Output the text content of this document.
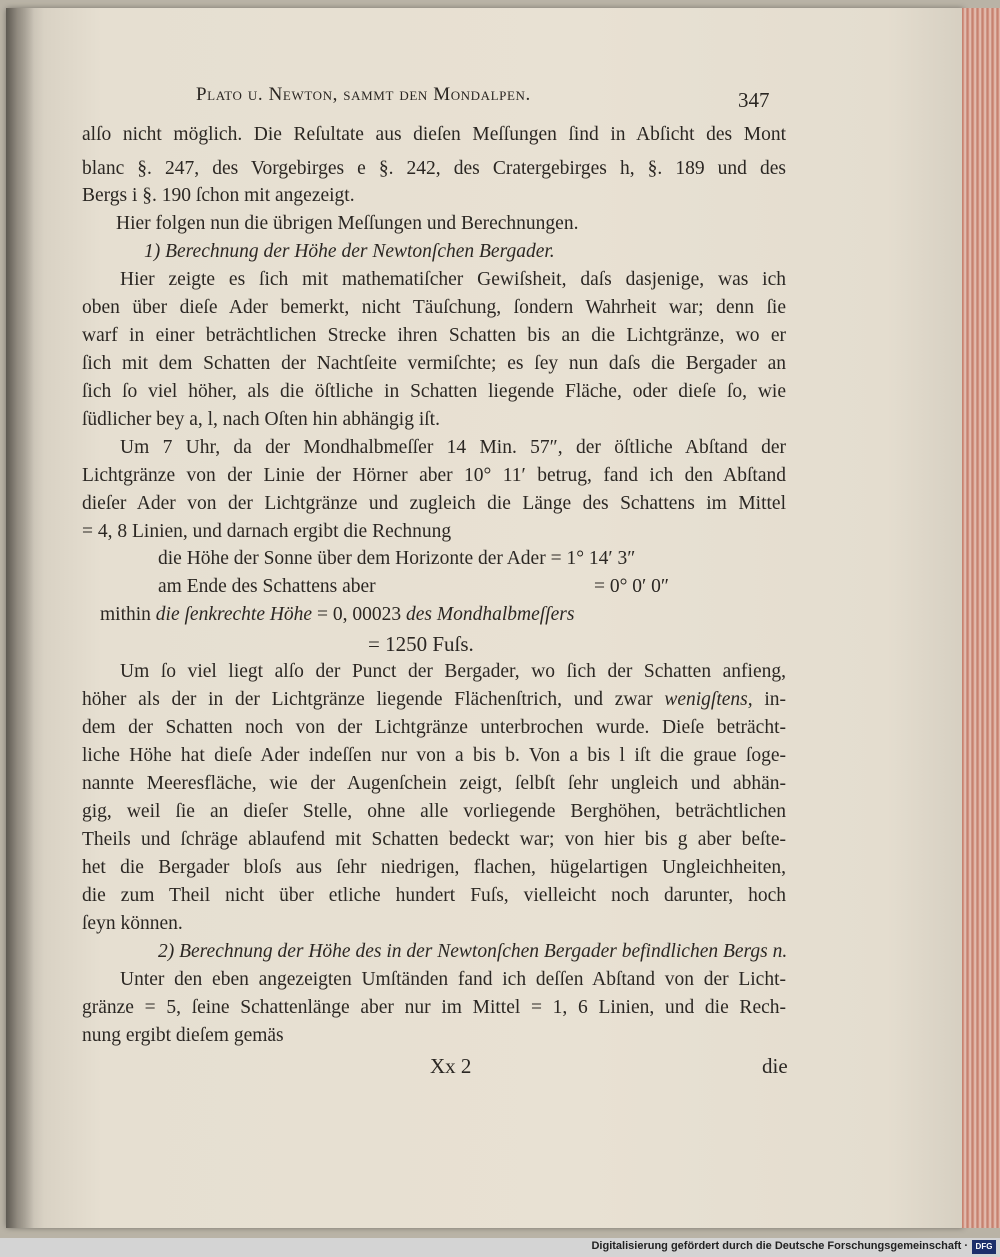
Plato u. Newton, sammt den Mondalpen.	347
alſo nicht möglich. Die Reſultate aus dieſen Meſſungen ſind in Abſicht des Mont
blanc §. 247, des Vorgebirges e §. 242, des Cratergebirges h, §. 189 und des
Bergs i §. 190 ſchon mit angezeigt.
Hier folgen nun die übrigen Meſſungen und Berechnungen.
1) Berechnung der Höhe der Newtonſchen Bergader.
Hier zeigte es ſich mit mathematiſcher Gewiſsheit, daſs dasjenige, was ich
oben über dieſe Ader bemerkt, nicht Täuſchung, ſondern Wahrheit war; denn ſie
warf in einer beträchtlichen Strecke ihren Schatten bis an die Lichtgränze, wo er
ſich mit dem Schatten der Nachtſeite vermiſchte; es ſey nun daſs die Bergader an
ſich ſo viel höher, als die öſtliche in Schatten liegende Fläche, oder dieſe ſo, wie
ſüdlicher bey a, l, nach Oſten hin abhängig iſt.
Um 7 Uhr, da der Mondhalbmeſſer 14 Min. 57″, der öſtliche Abſtand der
Lichtgränze von der Linie der Hörner aber 10° 11′ betrug, fand ich den Abſtand
dieſer Ader von der Lichtgränze und zugleich die Länge des Schattens im Mittel
= 4, 8 Linien, und darnach ergibt die Rechnung
die Höhe der Sonne über dem Horizonte der Ader = 1° 14′ 3″
am Ende des Schattens aber	= 0° 0′ 0″
mithin die ſenkrechte Höhe = 0, 00023 des Mondhalbmeſſers
= 1250 Fuſs.
Um ſo viel liegt alſo der Punct der Bergader, wo ſich der Schatten anfieng,
höher als der in der Lichtgränze liegende Flächenſtrich, und zwar wenigſtens, in-
dem der Schatten noch von der Lichtgränze unterbrochen wurde. Dieſe beträcht-
liche Höhe hat dieſe Ader indeſſen nur von a bis b. Von a bis l iſt die graue ſoge-
nannte Meeresfläche, wie der Augenſchein zeigt, ſelbſt ſehr ungleich und abhän-
gig, weil ſie an dieſer Stelle, ohne alle vorliegende Berghöhen, beträchtlichen
Theils und ſchräge ablaufend mit Schatten bedeckt war; von hier bis g aber beſte-
het die Bergader bloſs aus ſehr niedrigen, flachen, hügelartigen Ungleichheiten,
die zum Theil nicht über etliche hundert Fuſs, vielleicht noch darunter, hoch
ſeyn können.
2) Berechnung der Höhe des in der Newtonſchen Bergader befindlichen Bergs n.
Unter den eben angezeigten Umſtänden fand ich deſſen Abſtand von der Licht-
gränze = 5, ſeine Schattenlänge aber nur im Mittel = 1, 6 Linien, und die Rech-
nung ergibt dieſem gemäs
Xx 2	die
Digitalisierung gefördert durch die Deutsche Forschungsgemeinschaft · DFG
